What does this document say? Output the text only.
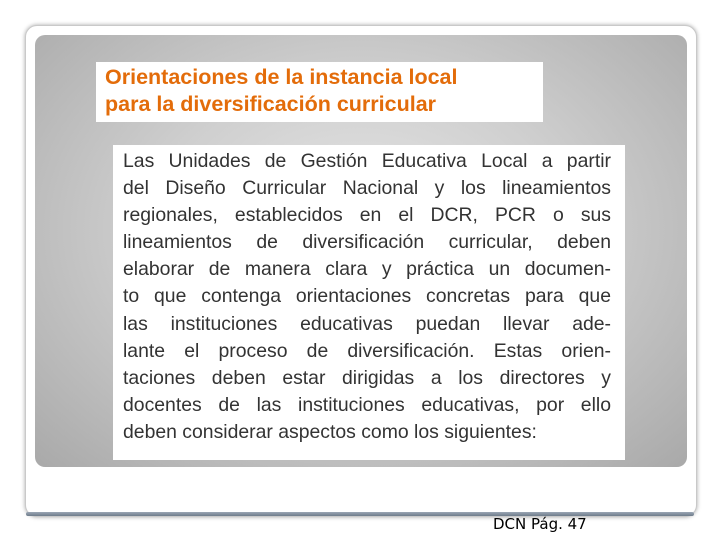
Orientaciones de la instancia local
para la diversificación curricular
Las Unidades de Gestión Educativa Local a partir
del Diseño Curricular Nacional y los lineamientos
regionales, establecidos en el DCR, PCR o sus
lineamientos de diversificación curricular, deben
elaborar de manera clara y práctica un documen-
to que contenga orientaciones concretas para que
las instituciones educativas puedan llevar ade-
lante el proceso de diversificación. Estas orien-
taciones deben estar dirigidas a los directores y
docentes de las instituciones educativas, por ello
deben considerar aspectos como los siguientes:
DCN Pág. 47
